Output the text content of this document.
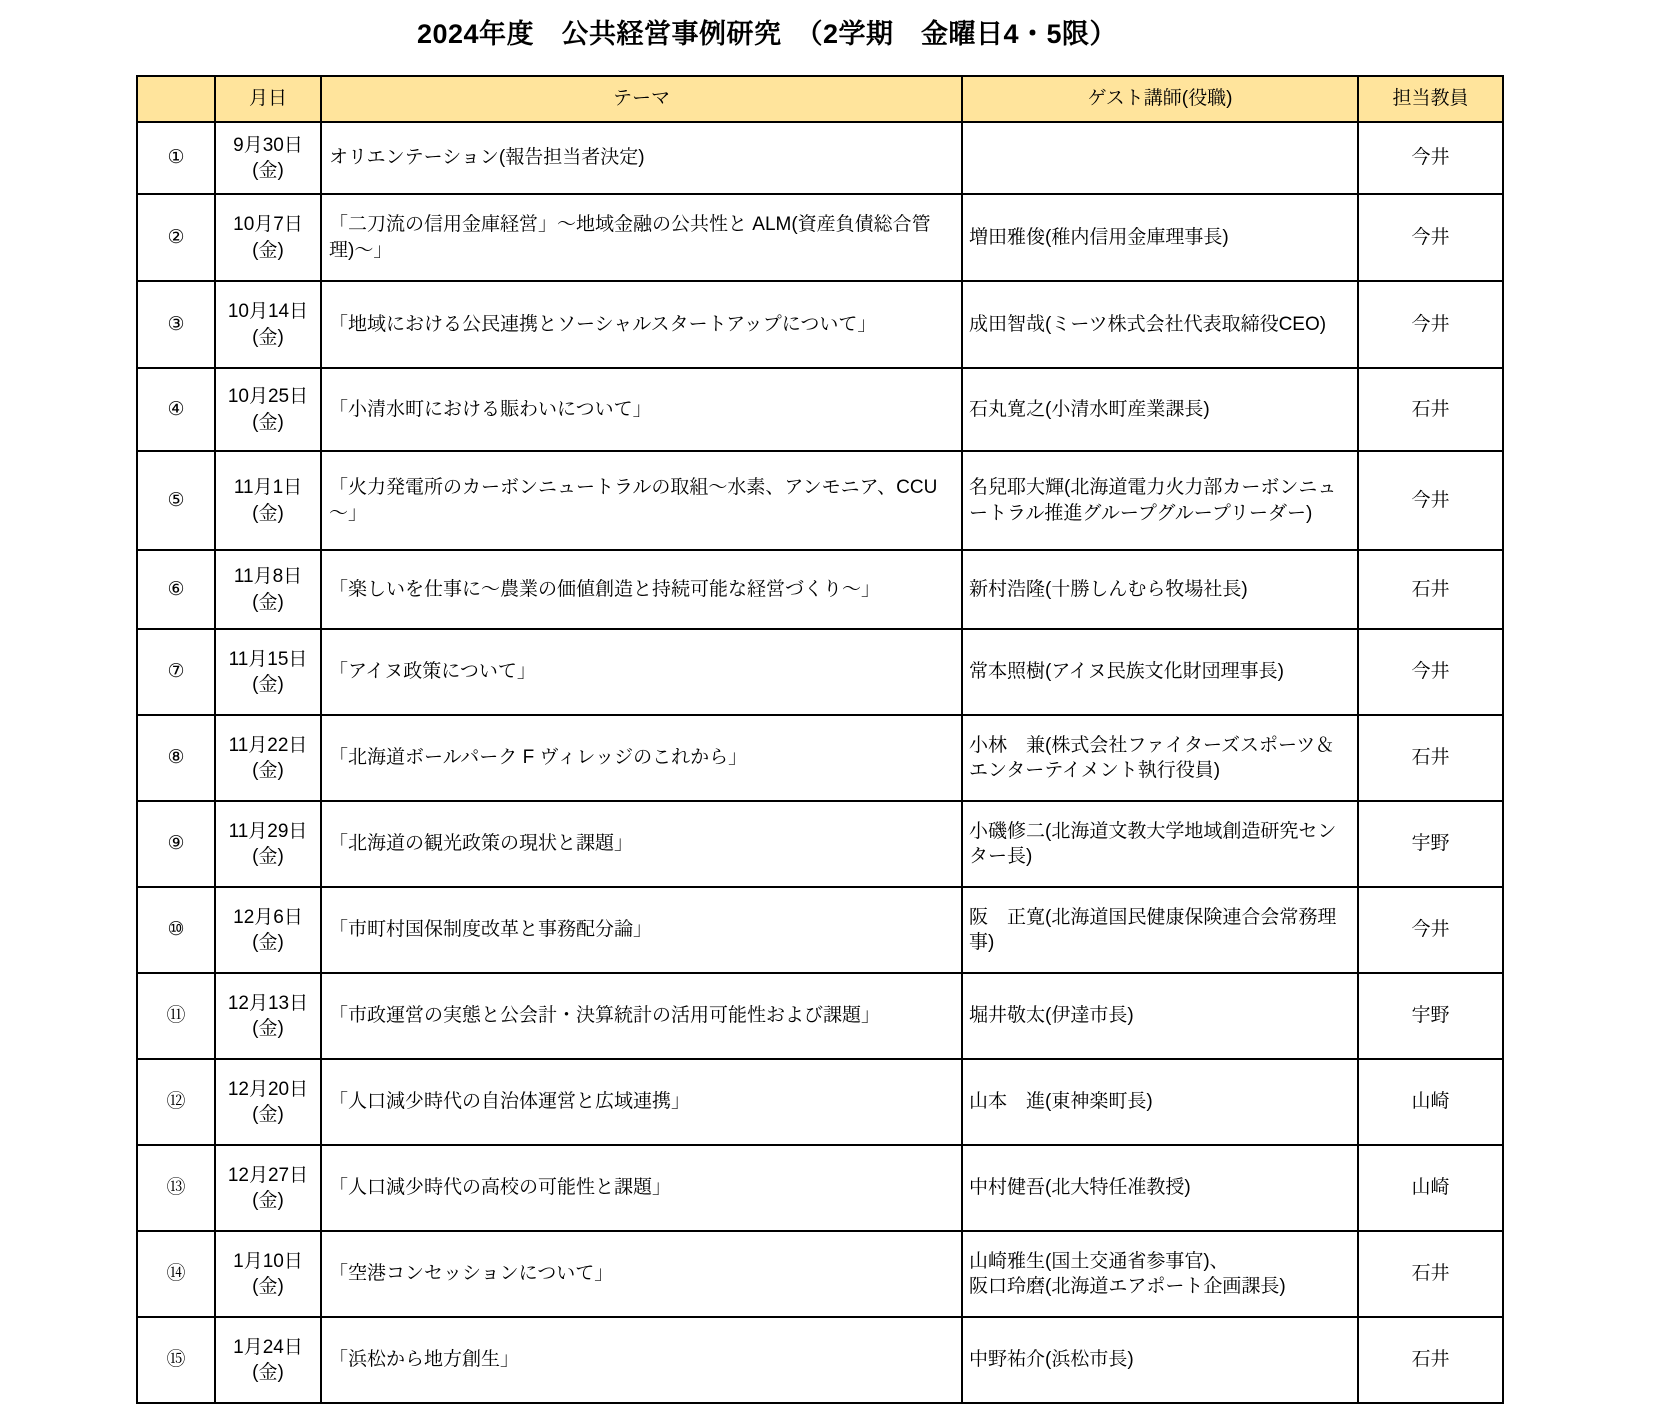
2024年度　公共経営事例研究　（2学期　金曜日4・5限）
	月日	テーマ	ゲスト講師(役職)	担当教員
①	9月30日
(金)	オリエンテーション(報告担当者決定)		今井
②	10月7日
(金)	「二刀流の信用金庫経営」～地域金融の公共性と ALM(資産負債総合管理)～」	増田雅俊(稚内信用金庫理事長)	今井
③	10月14日
(金)	「地域における公民連携とソーシャルスタートアップについて」	成田智哉(ミーツ株式会社代表取締役CEO)	今井
④	10月25日
(金)	「小清水町における賑わいについて」	石丸寛之(小清水町産業課長)	石井
⑤	11月1日
(金)	「火力発電所のカーボンニュートラルの取組～水素、アンモニア、CCU～」	名兒耶大輝(北海道電力火力部カーボンニュートラル推進グループグループリーダー)	今井
⑥	11月8日
(金)	「楽しいを仕事に～農業の価値創造と持続可能な経営づくり～」	新村浩隆(十勝しんむら牧場社長)	石井
⑦	11月15日
(金)	「アイヌ政策について」	常本照樹(アイヌ民族文化財団理事長)	今井
⑧	11月22日
(金)	「北海道ボールパーク F ヴィレッジのこれから」	小林　兼(株式会社ファイターズスポーツ＆エンターテイメント執行役員)	石井
⑨	11月29日
(金)	「北海道の観光政策の現状と課題」	小磯修二(北海道文教大学地域創造研究センター長)	宇野
⑩	12月6日
(金)	「市町村国保制度改革と事務配分論」	阪　正寛(北海道国民健康保険連合会常務理事)	今井
⑪	12月13日
(金)	「市政運営の実態と公会計・決算統計の活用可能性および課題」	堀井敬太(伊達市長)	宇野
⑫	12月20日
(金)	「人口減少時代の自治体運営と広域連携」	山本　進(東神楽町長)	山崎
⑬	12月27日
(金)	「人口減少時代の高校の可能性と課題」	中村健吾(北大特任准教授)	山崎
⑭	1月10日
(金)	「空港コンセッションについて」	山崎雅生(国土交通省参事官)、
阪口玲磨(北海道エアポート企画課長)	石井
⑮	1月24日
(金)	「浜松から地方創生」	中野祐介(浜松市長)	石井
